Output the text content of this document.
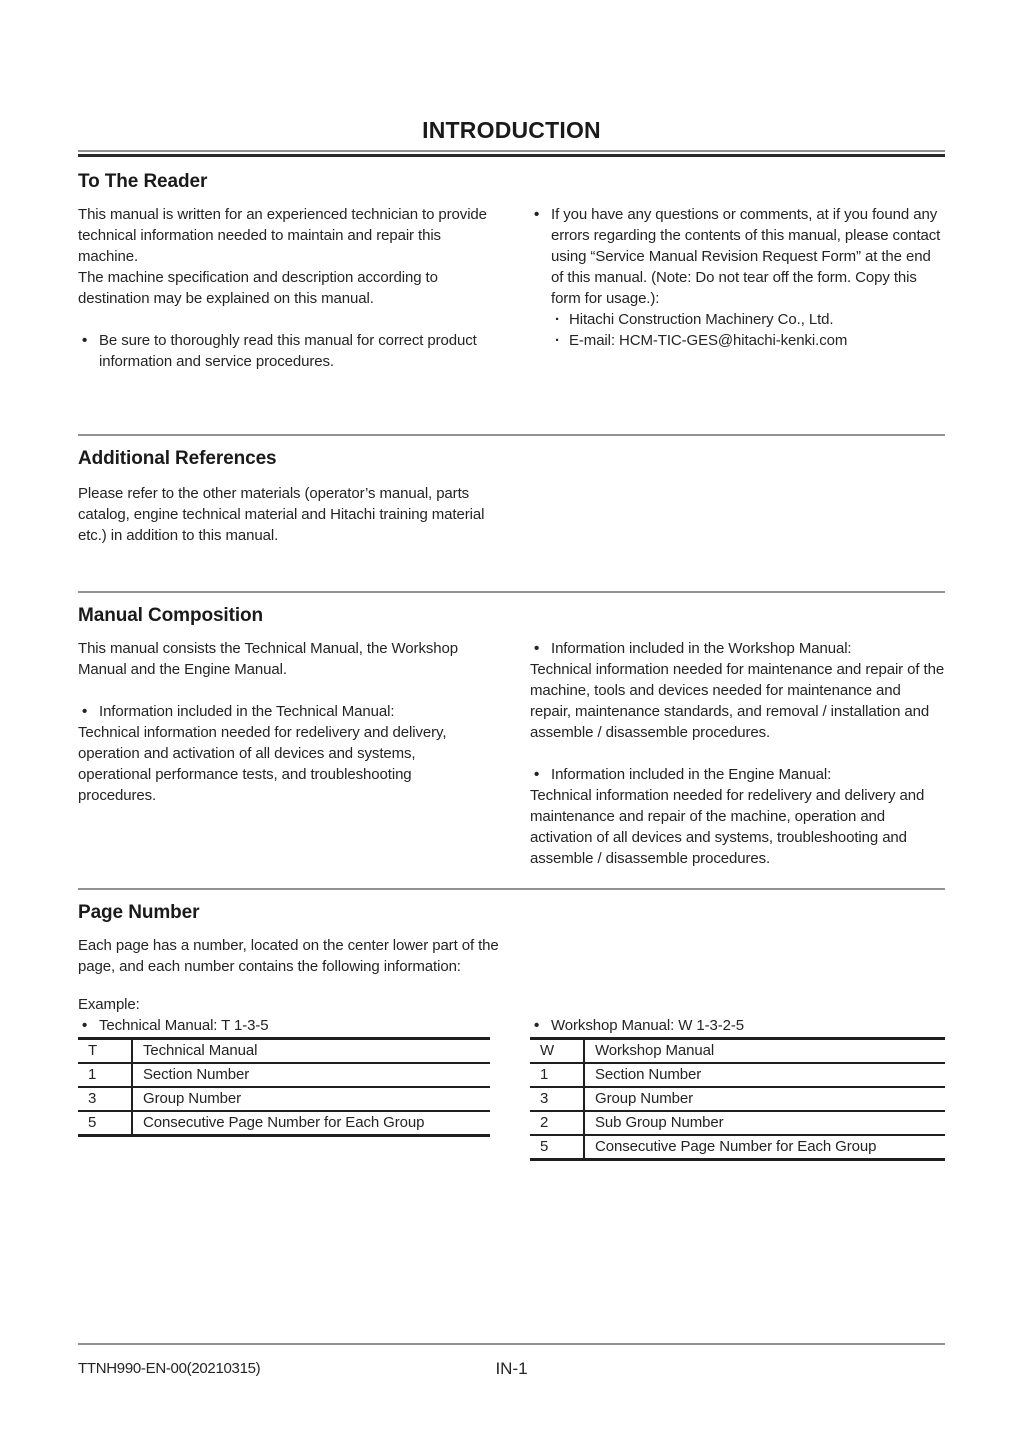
INTRODUCTION
To The Reader

This manual is written for an experienced technician to provide technical information needed to maintain and repair this machine.

The machine specification and description according to destination may be explained on this manual.

• Be sure to thoroughly read this manual for correct product information and service procedures.
• If you have any questions or comments, at if you found any errors regarding the contents of this manual, please contact using “Service Manual Revision Request Form” at the end of this manual. (Note: Do not tear off the form. Copy this form for usage.):
· Hitachi Construction Machinery Co., Ltd.
· E-mail: HCM-TIC-GES@hitachi-kenki.com
Additional References

Please refer to the other materials (operator’s manual, parts catalog, engine technical material and Hitachi training material etc.) in addition to this manual.

Manual Composition

This manual consists the Technical Manual, the Workshop Manual and the Engine Manual.

• Information included in the Technical Manual:

Technical information needed for redelivery and delivery, operation and activation of all devices and systems, operational performance tests, and troubleshooting procedures.

• Information included in the Workshop Manual:

Technical information needed for maintenance and repair of the machine, tools and devices needed for maintenance and repair, maintenance standards, and removal / installation and assemble / disassemble procedures.

• Information included in the Engine Manual:

Technical information needed for redelivery and delivery and maintenance and repair of the machine, operation and activation of all devices and systems, troubleshooting and assemble / disassemble procedures.

Page Number

Each page has a number, located on the center lower part of the page, and each number contains the following information:

Example:

• Technical Manual: T 1-3-5
T	Technical Manual
1	Section Number
3	Group Number
5	Consecutive Page Number for Each Group
• Workshop Manual: W 1-3-2-5
W	Workshop Manual
1	Section Number
3	Group Number
2	Sub Group Number
5	Consecutive Page Number for Each Group
TTNH990-EN-00(20210315)	IN-1
